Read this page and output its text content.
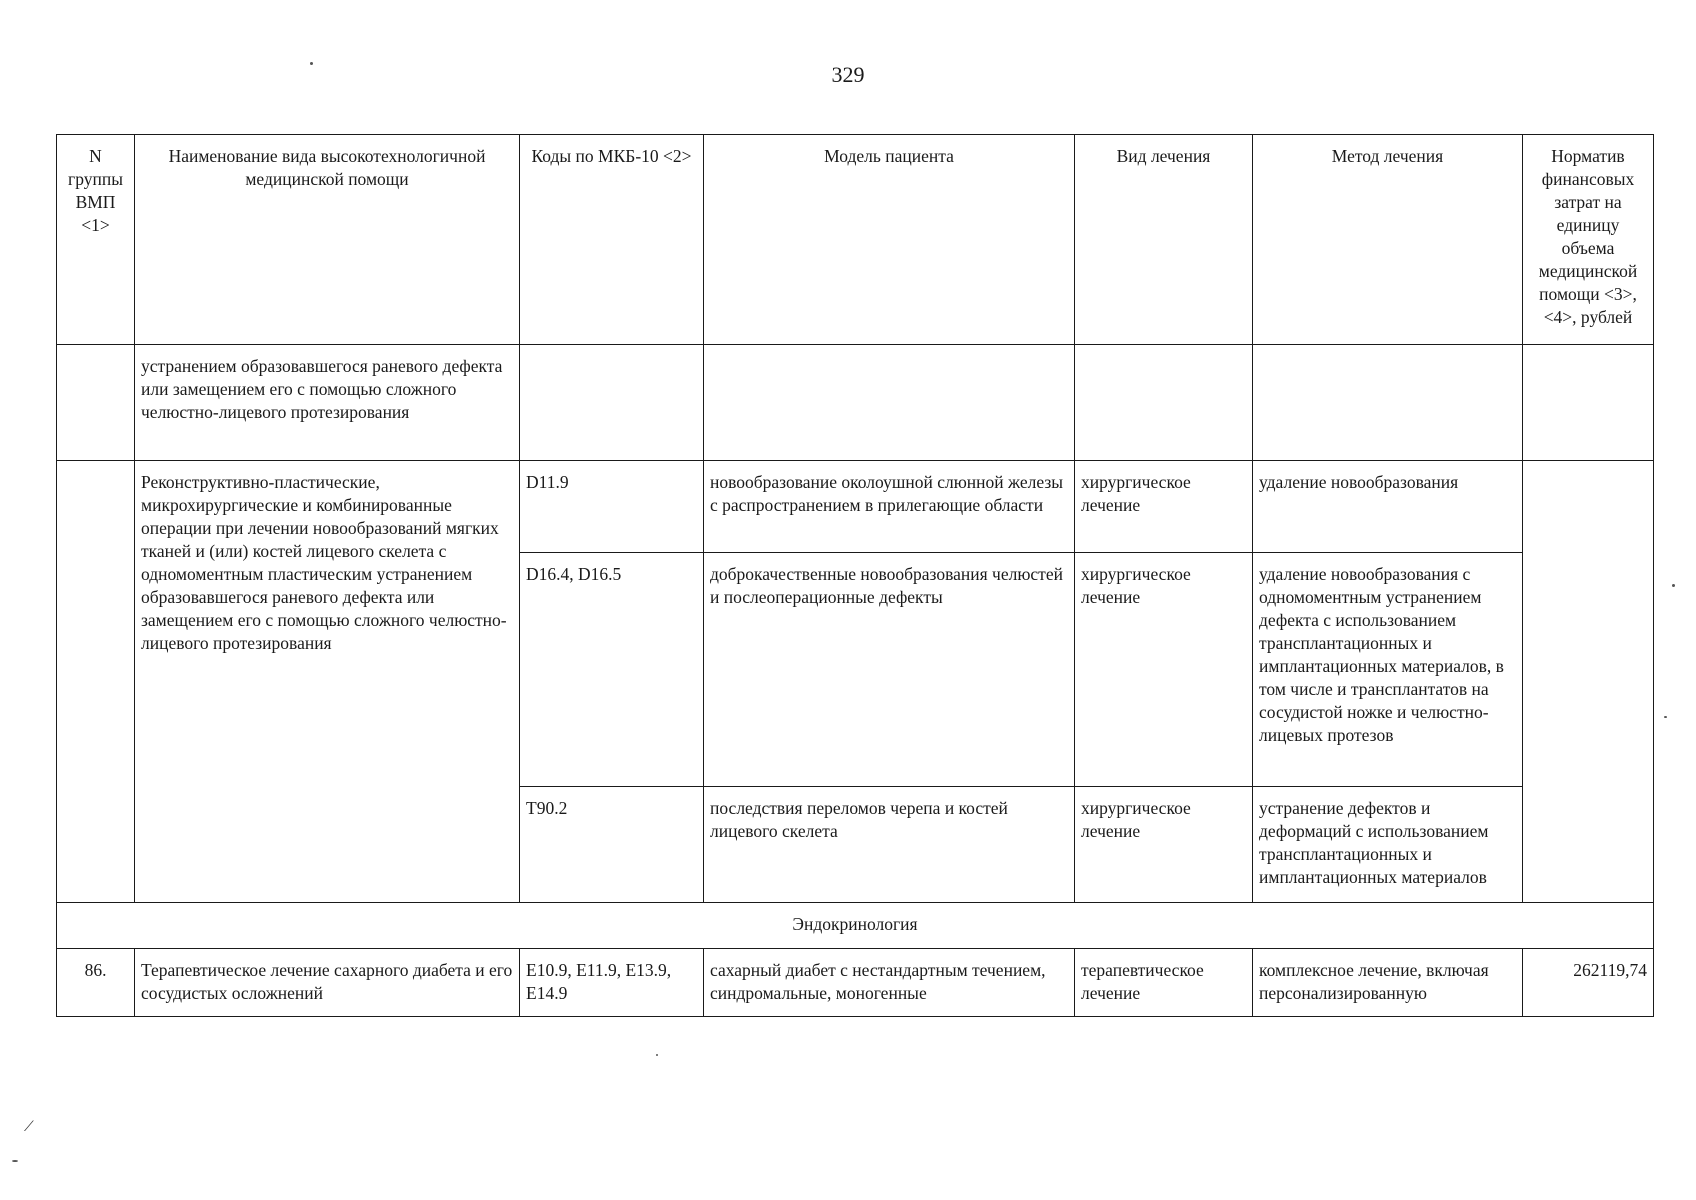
329
N группы ВМП <1>	Наименование вида высокотехнологичной медицинской помощи	Коды по МКБ-10 <2>	Модель пациента	Вид лечения	Метод лечения	Норматив финансовых затрат на единицу объема медицинской помощи <3>, <4>, рублей
	устранением образовавшегося раневого дефекта или замещением его с помощью сложного челюстно-лицевого протезирования					
	Реконструктивно-пластические, микрохирургические и комбинированные операции при лечении новообразований мягких тканей и (или) костей лицевого скелета с одномоментным пластическим устранением образовавшегося раневого дефекта или замещением его с помощью сложного челюстно-лицевого протезирования	D11.9	новообразование околоушной слюнной железы с распространением в прилегающие области	хирургическое лечение	удаление новообразования	
		D16.4, D16.5	доброкачественные новообразования челюстей и послеоперационные дефекты	хирургическое лечение	удаление новообразования с одномоментным устранением дефекта с использованием трансплантационных и имплантационных материалов, в том числе и трансплантатов на сосудистой ножке и челюстно-лицевых протезов	
		T90.2	последствия переломов черепа и костей лицевого скелета	хирургическое лечение	устранение дефектов и деформаций с использованием трансплантационных и имплантационных материалов	
Эндокринология						
86.	Терапевтическое лечение сахарного диабета и его сосудистых осложнений	E10.9, E11.9, E13.9, E14.9	сахарный диабет с нестандартным течением, синдромальные, моногенные	терапевтическое лечение	комплексное лечение, включая персонализированную	262119,74
⟋
